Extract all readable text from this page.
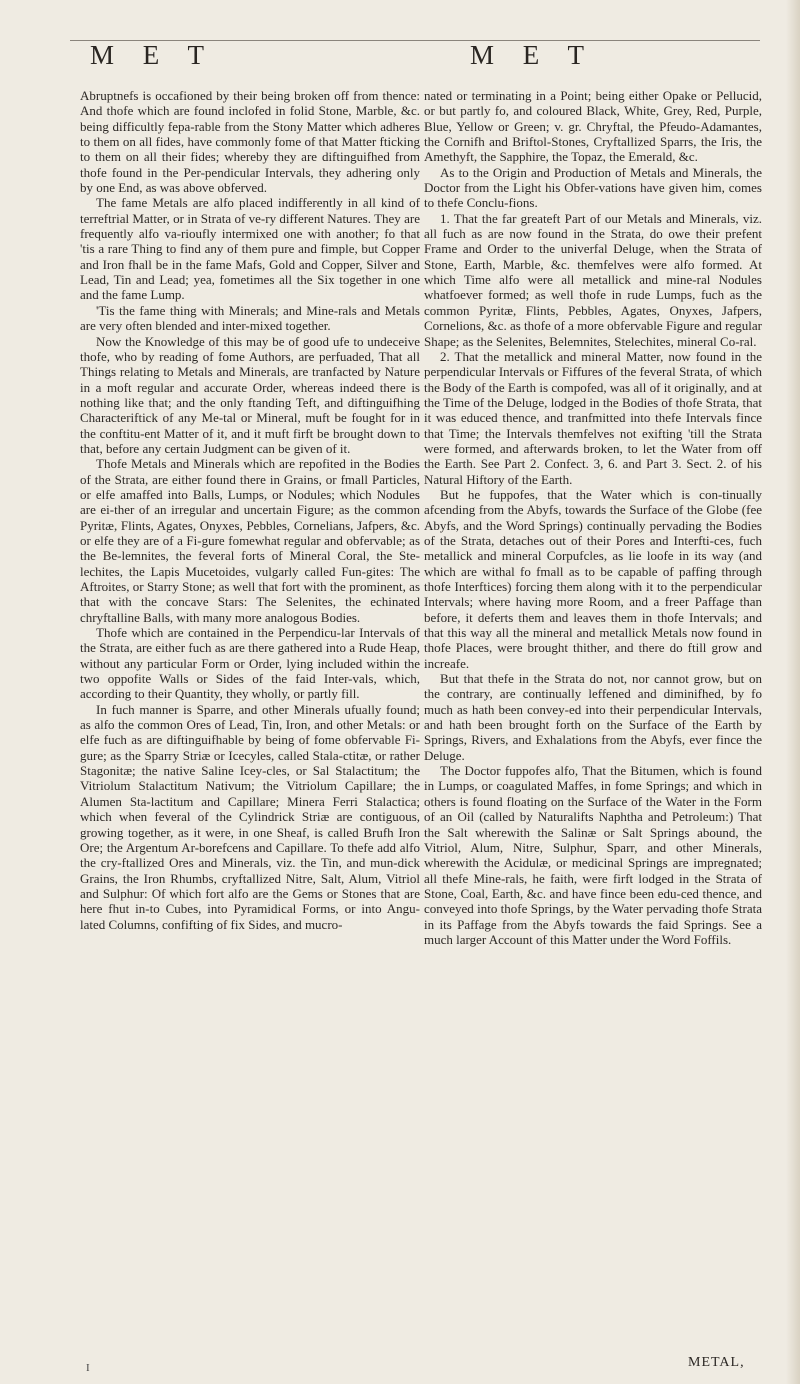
M E T	M E T

Abruptnefs is occafioned by their being broken off from thence: And thofe which are found inclofed in folid Stone, Marble, &c. being difficultly fepa-rable from the Stony Matter which adheres to them on all fides, have commonly fome of that Matter fticking to them on all their fides; whereby they are diftinguifhed from thofe found in the Per-pendicular Intervals, they adhering only by one End, as was above obferved.

The fame Metals are alfo placed indifferently in all kind of terreftrial Matter, or in Strata of ve-ry different Natures. They are frequently alfo va-rioufly intermixed one with another; fo that 'tis a rare Thing to find any of them pure and fimple, but Copper and Iron fhall be in the fame Mafs, Gold and Copper, Silver and Lead, Tin and Lead; yea, fometimes all the Six together in one and the fame Lump.

'Tis the fame thing with Minerals; and Mine-rals and Metals are very often blended and inter-mixed together.

Now the Knowledge of this may be of good ufe to undeceive thofe, who by reading of fome Authors, are perfuaded, That all Things relating to Metals and Minerals, are tranfacted by Nature in a moft regular and accurate Order, whereas indeed there is nothing like that; and the only ftanding Teft, and diftinguifhing Characteriftick of any Me-tal or Mineral, muft be fought for in the conftitu-ent Matter of it, and it muft firft be brought down to that, before any certain Judgment can be given of it.

Thofe Metals and Minerals which are repofited in the Bodies of the Strata, are either found there in Grains, or fmall Particles, or elfe amaffed into Balls, Lumps, or Nodules; which Nodules are ei-ther of an irregular and uncertain Figure; as the common Pyritæ, Flints, Agates, Onyxes, Pebbles, Cornelians, Jafpers, &c. or elfe they are of a Fi-gure fomewhat regular and obfervable; as the Be-lemnites, the feveral forts of Mineral Coral, the Ste-lechites, the Lapis Mucetoides, vulgarly called Fun-gites: The Aftroites, or Starry Stone; as well that fort with the prominent, as that with the concave Stars: The Selenites, the echinated chryftalline Balls, with many more analogous Bodies.

Thofe which are contained in the Perpendicu-lar Intervals of the Strata, are either fuch as are there gathered into a Rude Heap, without any particular Form or Order, lying included within the two oppofite Walls or Sides of the faid Inter-vals, which, according to their Quantity, they wholly, or partly fill.

In fuch manner is Sparre, and other Minerals ufually found; as alfo the common Ores of Lead, Tin, Iron, and other Metals: or elfe fuch as are diftinguifhable by being of fome obfervable Fi-gure; as the Sparry Striæ or Icecyles, called Stala-ctitæ, or rather Stagonitæ; the native Saline Icey-cles, or Sal Stalactitum; the Vitriolum Stalactitum Nativum; the Vitriolum Capillare; the Alumen Sta-lactitum and Capillare; Minera Ferri Stalactica; which when feveral of the Cylindrick Striæ are contiguous, growing together, as it were, in one Sheaf, is called Brufh Iron Ore; the Argentum Ar-borefcens and Capillare. To thefe add alfo the cry-ftallized Ores and Minerals, viz. the Tin, and mun-dick Grains, the Iron Rhumbs, cryftallized Nitre, Salt, Alum, Vitriol and Sulphur: Of which fort alfo are the Gems or Stones that are here fhut in-to Cubes, into Pyramidical Forms, or into Angu-lated Columns, confifting of fix Sides, and mucro-

nated or terminating in a Point; being either Opake or Pellucid, or but partly fo, and coloured Black, White, Grey, Red, Purple, Blue, Yellow or Green; v. gr. Chryftal, the Pfeudo-Adamantes, the Cornifh and Briftol-Stones, Cryftallized Sparrs, the Iris, the Amethyft, the Sapphire, the Topaz, the Emerald, &c.

As to the Origin and Production of Metals and Minerals, the Doctor from the Light his Obfer-vations have given him, comes to thefe Conclu-fions.

1. That the far greateft Part of our Metals and Minerals, viz. all fuch as are now found in the Strata, do owe their prefent Frame and Order to the univerfal Deluge, when the Strata of Stone, Earth, Marble, &c. themfelves were alfo formed. At which Time alfo were all metallick and mine-ral Nodules whatfoever formed; as well thofe in rude Lumps, fuch as the common Pyritæ, Flints, Pebbles, Agates, Onyxes, Jafpers, Cornelions, &c. as thofe of a more obfervable Figure and regular Shape; as the Selenites, Belemnites, Stelechites, mineral Co-ral.

2. That the metallick and mineral Matter, now found in the perpendicular Intervals or Fiffures of the feveral Strata, of which the Body of the Earth is compofed, was all of it originally, and at the Time of the Deluge, lodged in the Bodies of thofe Strata, that it was educed thence, and tranfmitted into thefe Intervals fince that Time; the Intervals themfelves not exifting 'till the Strata were formed, and afterwards broken, to let the Water from off the Earth. See Part 2. Confect. 3, 6. and Part 3. Sect. 2. of his Natural Hiftory of the Earth.

But he fuppofes, that the Water which is con-tinually afcending from the Abyfs, towards the Surface of the Globe (fee Abyfs, and the Word Springs) continually pervading the Bodies of the Strata, detaches out of their Pores and Interfti-ces, fuch metallick and mineral Corpufcles, as lie loofe in its way (and which are withal fo fmall as to be capable of paffing through thofe Interftices) forcing them along with it to the perpendicular Intervals; where having more Room, and a freer Paffage than before, it deferts them and leaves them in thofe Intervals; and that this way all the mineral and metallick Metals now found in thofe Places, were brought thither, and there do ftill grow and increafe.

But that thefe in the Strata do not, nor cannot grow, but on the contrary, are continually leffened and diminifhed, by fo much as hath been convey-ed into their perpendicular Intervals, and hath been brought forth on the Surface of the Earth by Springs, Rivers, and Exhalations from the Abyfs, ever fince the Deluge.

The Doctor fuppofes alfo, That the Bitumen, which is found in Lumps, or coagulated Maffes, in fome Springs; and which in others is found floating on the Surface of the Water in the Form of an Oil (called by Naturalifts Naphtha and Petroleum:) That the Salt wherewith the Salinæ or Salt Springs abound, the Vitriol, Alum, Nitre, Sulphur, Sparr, and other Minerals, wherewith the Acidulæ, or medicinal Springs are impregnated; all thefe Mine-rals, he faith, were firft lodged in the Strata of Stone, Coal, Earth, &c. and have fince been edu-ced thence, and conveyed into thofe Springs, by the Water pervading thofe Strata in its Paffage from the Abyfs towards the faid Springs. See a much larger Account of this Matter under the Word Foffils.

I	METAL,
